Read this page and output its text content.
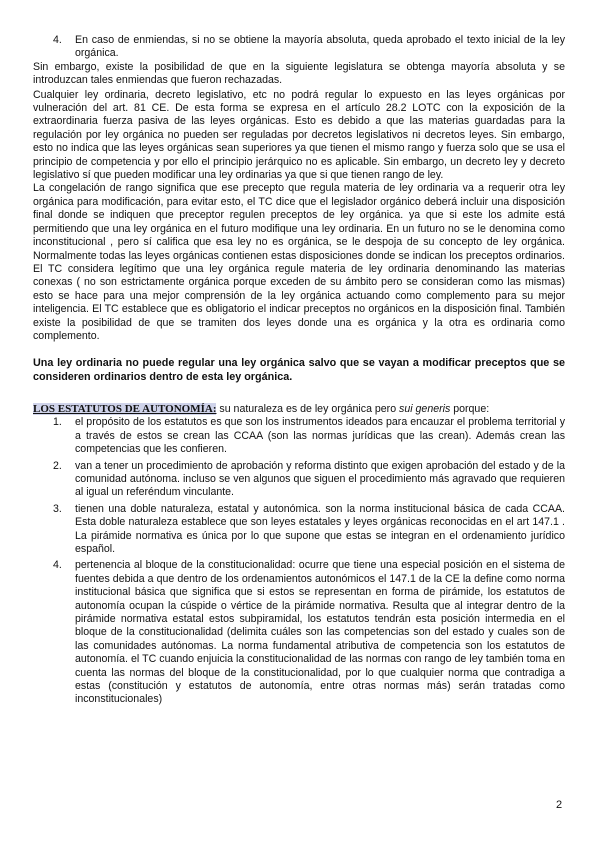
4. En caso de enmiendas, si no se obtiene la mayoría absoluta, queda aprobado el texto inicial de la ley orgánica.

Sin embargo, existe la posibilidad de que en la siguiente legislatura se obtenga mayoría absoluta y se introduzcan tales enmiendas que fueron rechazadas.

Cualquier ley ordinaria, decreto legislativo, etc no podrá regular lo expuesto en las leyes orgánicas por vulneración del art. 81 CE. De esta forma se expresa en el artículo 28.2 LOTC con la exposición de la extraordinaria fuerza pasiva de las leyes orgánicas. Esto es debido a que las materias guardadas para la regulación por ley orgánica no pueden ser reguladas por decretos legislativos ni decretos leyes. Sin embargo, esto no indica que las leyes orgánicas sean superiores ya que tienen el mismo rango y fuerza solo que se usa el principio de competencia y por ello el principio jerárquico no es aplicable. Sin embargo, un decreto ley y decreto legislativo sí que pueden modificar una ley ordinarias ya que si que tienen rango de ley.

La congelación de rango significa que ese precepto que regula materia de ley ordinaria va a requerir otra ley orgánica para modificación, para evitar esto, el TC dice que el legislador orgánico deberá incluir una disposición final donde se indiquen que preceptor regulen preceptos de ley orgánica. ya que si este los admite está permitiendo que una ley orgánica en el futuro modifique una ley ordinaria. En un futuro no se le denomina como inconstitucional , pero sí califica que esa ley no es orgánica, se le despoja de su concepto de ley orgánica. Normalmente todas las leyes orgánicas contienen estas disposiciones donde se indican los preceptos ordinarios. El TC considera legítimo que una ley orgánica regule materia de ley ordinaria denominando las materias conexas ( no son estrictamente orgánica porque exceden de su ámbito pero se consideran como las mismas) esto se hace para una mejor comprensión de la ley orgánica actuando como complemento para su mejor inteligencia. El TC establece que es obligatorio el indicar preceptos no orgánicos en la disposición final. También existe la posibilidad de que se tramiten dos leyes donde una es orgánica y la otra es ordinaria como complemento.

Una ley ordinaria no puede regular una ley orgánica salvo que se vayan a modificar preceptos que se consideren ordinarios dentro de esta ley orgánica.

LOS ESTATUTOS DE AUTONOMÍA: su naturaleza es de ley orgánica pero sui generis porque:

1. el propósito de los estatutos es que son los instrumentos ideados para encauzar el problema territorial y a través de estos se crean las CCAA (son las normas jurídicas que las crean). Además crean las competencias que les confieren.
2. van a tener un procedimiento de aprobación y reforma distinto que exigen aprobación del estado y de la comunidad autónoma. incluso se ven algunos que siguen el procedimiento más agravado que requieren al igual un referéndum vinculante.
3. tienen una doble naturaleza, estatal y autonómica. son la norma institucional básica de cada CCAA. Esta doble naturaleza establece que son leyes estatales y leyes orgánicas reconocidas en el art 147.1 . La pirámide normativa es única por lo que supone que estas se integran en el ordenamiento jurídico español.
4. pertenencia al bloque de la constitucionalidad: ocurre que tiene una especial posición en el sistema de fuentes debida a que dentro de los ordenamientos autonómicos el 147.1 de la CE la define como norma institucional básica que significa que si estos se representan en forma de pirámide, los estatutos de autonomía ocupan la cúspide o vértice de la pirámide normativa. Resulta que al integrar dentro de la pirámide normativa estatal estos subpiramidal, los estatutos tendrán esta posición intermedia en el bloque de la constitucionalidad (delimita cuáles son las competencias son del estado y cuales son de las comunidades autónomas. La norma fundamental atributiva de competencia son los estatutos de autonomía. el TC cuando enjuicia la constitucionalidad de las normas con rango de ley también toma en cuenta las normas del bloque de la constitucionalidad, por lo que cualquier norma que contradiga a estas (constitución y estatutos de autonomía, entre otras normas más) serán tratadas como inconstitucionales)
2
